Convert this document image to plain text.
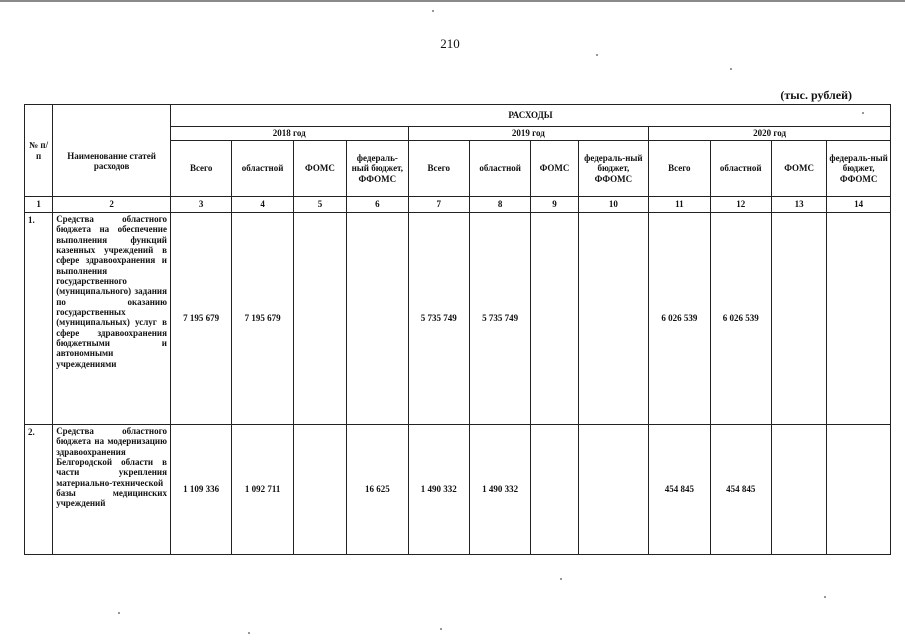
210
(тыс. рублей)
№ п/п		РАСХОДЫ											
	Наименование статей расходов	2018 год				2019 год				2020 год			
		Всего	областной	ФОМС	федераль-ный бюджет, ФФОМС	Всего	областной	ФОМС	федераль-ный бюджет, ФФОМС	Всего	областной	ФОМС	федераль-ный бюджет, ФФОМС
1	2	3	4	5	6	7	8	9	10	11	12	13	14
1.	Средства областного бюджета на обеспечение выполнения функций казенных учреждений в сфере здравоохранения и выполнения государственного (муниципального) задания по оказанию государственных (муниципальных) услуг в сфере здравоохранения бюджетными и автономными учреждениями	7 195 679	7 195 679			5 735 749	5 735 749			6 026 539	6 026 539		
2.	Средства областного бюджета на модернизацию здравоохранения Белгородской области в части укрепления материально-технической базы медицинских учреждений	1 109 336	1 092 711		16 625	1 490 332	1 490 332			454 845	454 845		
